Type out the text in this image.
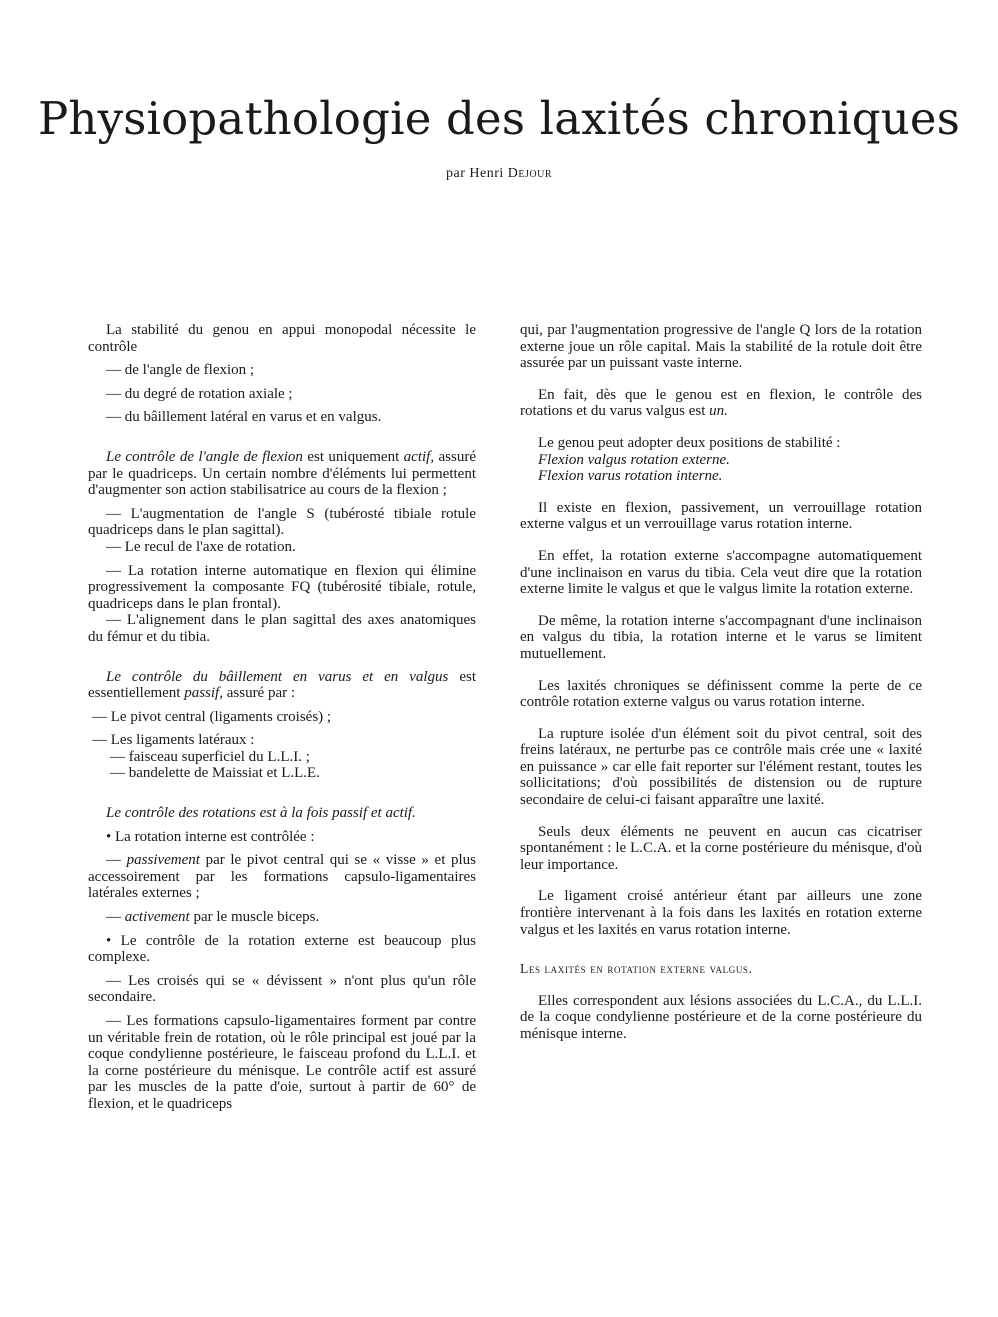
Physiopathologie des laxités chroniques
par Henri Dejour

La stabilité du genou en appui monopodal nécessite le contrôle

— de l'angle de flexion ;

— du degré de rotation axiale ;

— du bâillement latéral en varus et en valgus.

Le contrôle de l'angle de flexion est uniquement actif, assuré par le quadriceps. Un certain nombre d'éléments lui permettent d'augmenter son action stabilisatrice au cours de la flexion ;

— L'augmentation de l'angle S (tubérosté tibiale rotule quadriceps dans le plan sagittal).

— Le recul de l'axe de rotation.

— La rotation interne automatique en flexion qui élimine progressivement la composante FQ (tubérosité tibiale, rotule, quadriceps dans le plan frontal).

— L'alignement dans le plan sagittal des axes anatomiques du fémur et du tibia.

Le contrôle du bâillement en varus et en valgus est essentiellement passif, assuré par :

— Le pivot central (ligaments croisés) ;

— Les ligaments latéraux :

— faisceau superficiel du L.L.I. ;

— bandelette de Maissiat et L.L.E.

Le contrôle des rotations est à la fois passif et actif.

• La rotation interne est contrôlée :

— passivement par le pivot central qui se « visse » et plus accessoirement par les formations capsulo-ligamentaires latérales externes ;

— activement par le muscle biceps.

• Le contrôle de la rotation externe est beaucoup plus complexe.

— Les croisés qui se « dévissent » n'ont plus qu'un rôle secondaire.

— Les formations capsulo-ligamentaires forment par contre un véritable frein de rotation, où le rôle principal est joué par la coque condylienne postérieure, le faisceau profond du L.L.I. et la corne postérieure du ménisque. Le contrôle actif est assuré par les muscles de la patte d'oie, surtout à partir de 60° de flexion, et le quadriceps

qui, par l'augmentation progressive de l'angle Q lors de la rotation externe joue un rôle capital. Mais la stabilité de la rotule doit être assurée par un puissant vaste interne.

En fait, dès que le genou est en flexion, le contrôle des rotations et du varus valgus est un.

Le genou peut adopter deux positions de stabilité :

Flexion valgus rotation externe.

Flexion varus rotation interne.

Il existe en flexion, passivement, un verrouillage rotation externe valgus et un verrouillage varus rotation interne.

En effet, la rotation externe s'accompagne automatiquement d'une inclinaison en varus du tibia. Cela veut dire que la rotation externe limite le valgus et que le valgus limite la rotation externe.

De même, la rotation interne s'accompagnant d'une inclinaison en valgus du tibia, la rotation interne et le varus se limitent mutuellement.

Les laxités chroniques se définissent comme la perte de ce contrôle rotation externe valgus ou varus rotation interne.

La rupture isolée d'un élément soit du pivot central, soit des freins latéraux, ne perturbe pas ce contrôle mais crée une « laxité en puissance » car elle fait reporter sur l'élément restant, toutes les sollicitations; d'où possibilités de distension ou de rupture secondaire de celui-ci faisant apparaître une laxité.

Seuls deux éléments ne peuvent en aucun cas cicatriser spontanément : le L.C.A. et la corne postérieure du ménisque, d'où leur importance.

Le ligament croisé antérieur étant par ailleurs une zone frontière intervenant à la fois dans les laxités en rotation externe valgus et les laxités en varus rotation interne.

Les laxités en rotation externe valgus.

Elles correspondent aux lésions associées du L.C.A., du L.L.I. de la coque condylienne postérieure et de la corne postérieure du ménisque interne.
